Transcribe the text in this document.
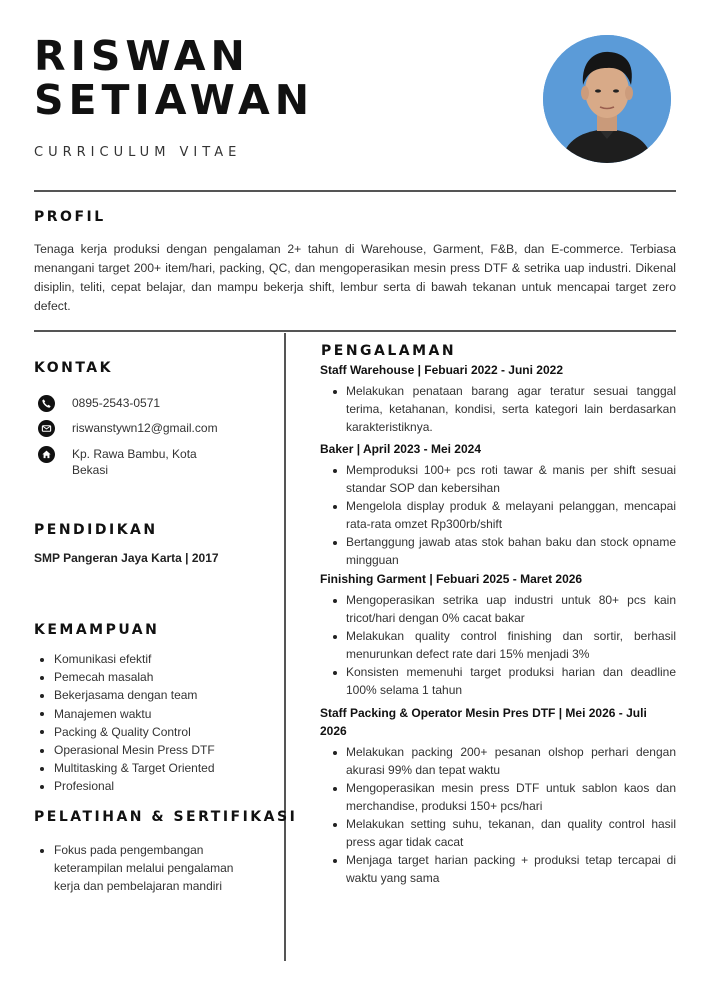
RISWAN
SETIAWAN
CURRICULUM VITAE
PROFIL
Tenaga kerja produksi dengan pengalaman 2+ tahun di Warehouse, Garment, F&B, dan E-commerce. Terbiasa menangani target 200+ item/hari, packing, QC, dan mengoperasikan mesin press DTF & setrika uap industri. Dikenal disiplin, teliti, cepat belajar, dan mampu bekerja shift, lembur serta di bawah tekanan untuk mencapai target zero defect.
KONTAK
0895-2543-0571
riswanstywn12@gmail.com
Kp. Rawa Bambu, Kota Bekasi
PENDIDIKAN
SMP Pangeran Jaya Karta | 2017
KEMAMPUAN
Komunikasi efektif
Pemecah masalah
Bekerjasama dengan team
Manajemen waktu
Packing & Quality Control
Operasional Mesin Press DTF
Multitasking & Target Oriented
Profesional
PELATIHAN & SERTIFIKASI
Fokus pada pengembangan keterampilan melalui pengalaman kerja dan pembelajaran mandiri
PENGALAMAN
Staff Warehouse | Febuari 2022 - Juni 2022
Melakukan penataan barang agar teratur sesuai tanggal terima, ketahanan, kondisi, serta kategori lain berdasarkan karakteristiknya.
Baker | April 2023 - Mei 2024
Memproduksi 100+ pcs roti tawar & manis per shift sesuai standar SOP dan kebersihan
Mengelola display produk & melayani pelanggan, mencapai rata-rata omzet Rp300rb/shift
Bertanggung jawab atas stok bahan baku dan stock opname mingguan
Finishing Garment | Febuari 2025 - Maret 2026
Mengoperasikan setrika uap industri untuk 80+ pcs kain tricot/hari dengan 0% cacat bakar
Melakukan quality control finishing dan sortir, berhasil menurunkan defect rate dari 15% menjadi 3%
Konsisten memenuhi target produksi harian dan deadline 100% selama 1 tahun
Staff Packing & Operator Mesin Pres DTF | Mei 2026 - Juli 2026
Melakukan packing 200+ pesanan olshop perhari dengan akurasi 99% dan tepat waktu
Mengoperasikan mesin press DTF untuk sablon kaos dan merchandise, produksi 150+ pcs/hari
Melakukan setting suhu, tekanan, dan quality control hasil press agar tidak cacat
Menjaga target harian packing + produksi tetap tercapai di waktu yang sama
